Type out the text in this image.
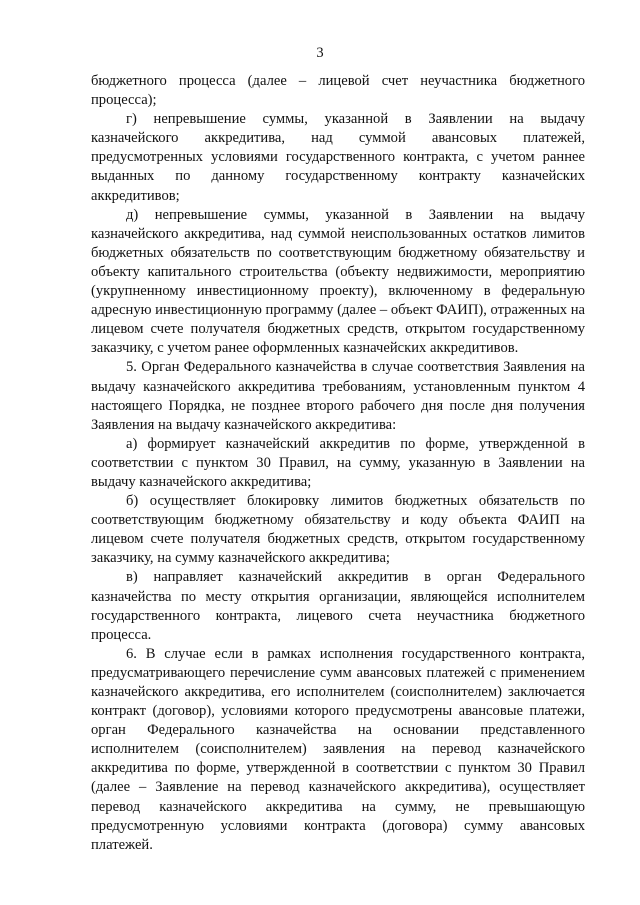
3

бюджетного процесса (далее – лицевой счет неучастника бюджетного процесса);

г) непревышение суммы, указанной в Заявлении на выдачу казначейского аккредитива, над суммой авансовых платежей, предусмотренных условиями государственного контракта, с учетом раннее выданных по данному государственному контракту казначейских аккредитивов;

д) непревышение суммы, указанной в Заявлении на выдачу казначейского аккредитива, над суммой неиспользованных остатков лимитов бюджетных обязательств по соответствующим бюджетному обязательству и объекту капитального строительства (объекту недвижимости, мероприятию (укрупненному инвестиционному проекту), включенному в федеральную адресную инвестиционную программу (далее – объект ФАИП), отраженных на лицевом счете получателя бюджетных средств, открытом государственному заказчику, с учетом ранее оформленных казначейских аккредитивов.

5. Орган Федерального казначейства в случае соответствия Заявления на выдачу казначейского аккредитива требованиям, установленным пунктом 4 настоящего Порядка, не позднее второго рабочего дня после дня получения Заявления на выдачу казначейского аккредитива:

а) формирует казначейский аккредитив по форме, утвержденной в соответствии с пунктом 30 Правил, на сумму, указанную в Заявлении на выдачу казначейского аккредитива;

б) осуществляет блокировку лимитов бюджетных обязательств по соответствующим бюджетному обязательству и коду объекта ФАИП на лицевом счете получателя бюджетных средств, открытом государственному заказчику, на сумму казначейского аккредитива;

в) направляет казначейский аккредитив в орган Федерального казначейства по месту открытия организации, являющейся исполнителем государственного контракта, лицевого счета неучастника бюджетного процесса.

6. В случае если в рамках исполнения государственного контракта, предусматривающего перечисление сумм авансовых платежей с применением казначейского аккредитива, его исполнителем (соисполнителем) заключается контракт (договор), условиями которого предусмотрены авансовые платежи, орган Федерального казначейства на основании представленного исполнителем (соисполнителем) заявления на перевод казначейского аккредитива по форме, утвержденной в соответствии с пунктом 30 Правил (далее – Заявление на перевод казначейского аккредитива), осуществляет перевод казначейского аккредитива на сумму, не превышающую предусмотренную условиями контракта (договора) сумму авансовых платежей.
